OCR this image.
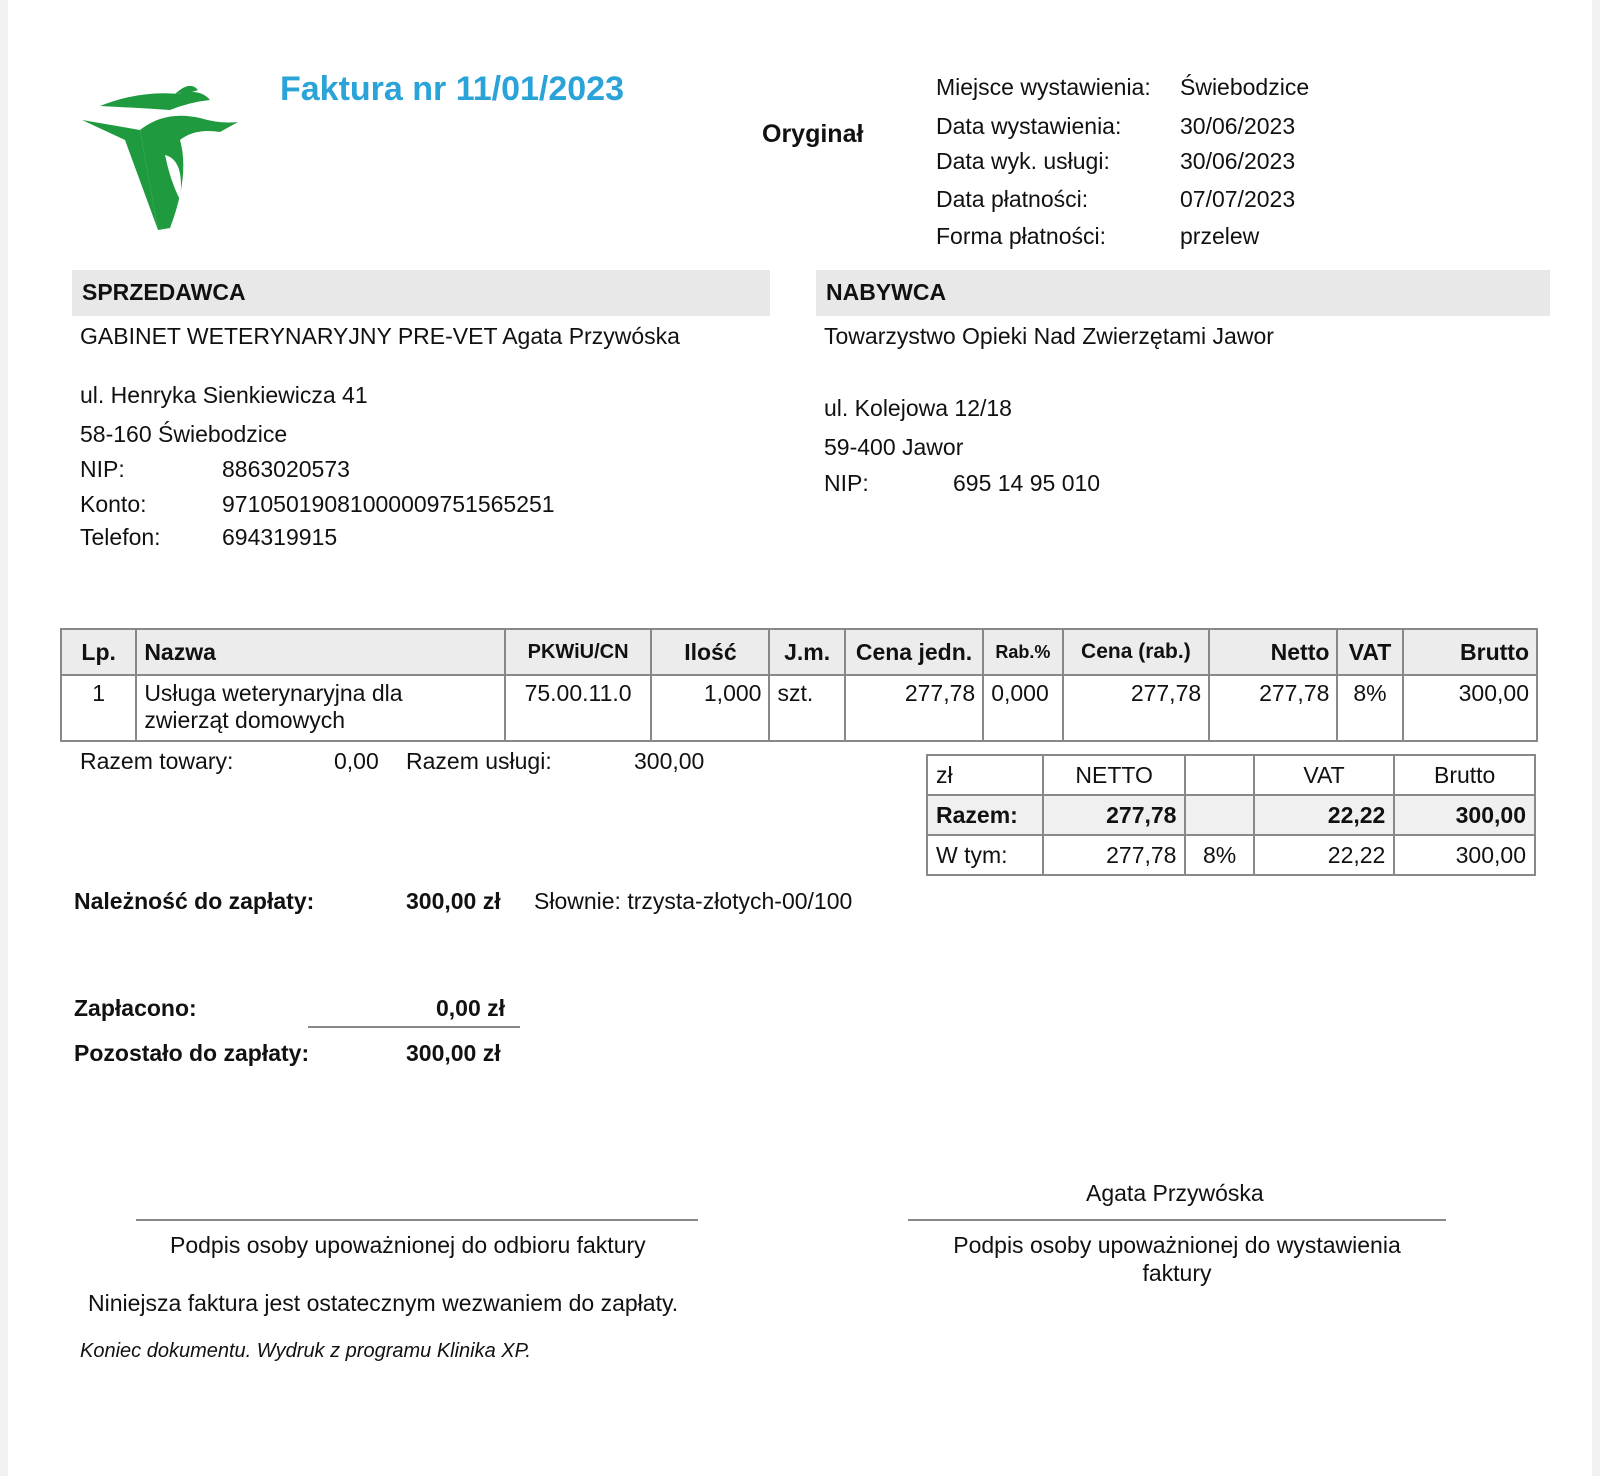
Faktura nr 11/01/2023
Oryginał
Miejsce wystawienia: Świebodzice
Data wystawienia:	30/06/2023
Data wyk. usługi:	30/06/2023
Data płatności:	07/07/2023
Forma płatności:	przelew
SPRZEDAWCA	NABYWCA
GABINET WETERYNARYJNY PRE-VET Agata Przywóska
ul. Henryka Sienkiewicza 41
58-160 Świebodzice
NIP:	8863020573
Konto:	97105019081000009751565251
Telefon:	694319915
Towarzystwo Opieki Nad Zwierzętami Jawor
ul. Kolejowa 12/18
59-400 Jawor
NIP:	695 14 95 010
Lp.	Nazwa	PKWiU/CN	Ilość	J.m.	Cena jedn.	Rab.%	Cena (rab.)	Netto	VAT	Brutto
1	Usługa weterynaryjna dla
zwierząt domowych	75.00.11.0	1,000	szt.	277,78	0,000	277,78	277,78	8%	300,00
Razem towary:	0,00 Razem usługi:	300,00
zł	NETTO		VAT	Brutto
Razem:	277,78		22,22	300,00
W tym:	277,78	8%	22,22	300,00
Należność do zapłaty:	300,00 zł Słownie: trzysta-złotych-00/100
Zapłacono:	0,00 zł
Pozostało do zapłaty:	300,00 zł
Agata Przywóska
Podpis osoby upoważnionej do odbioru faktury	Podpis osoby upoważnionej do wystawienia
faktury
Niniejsza faktura jest ostatecznym wezwaniem do zapłaty.
Koniec dokumentu. Wydruk z programu Klinika XP.
